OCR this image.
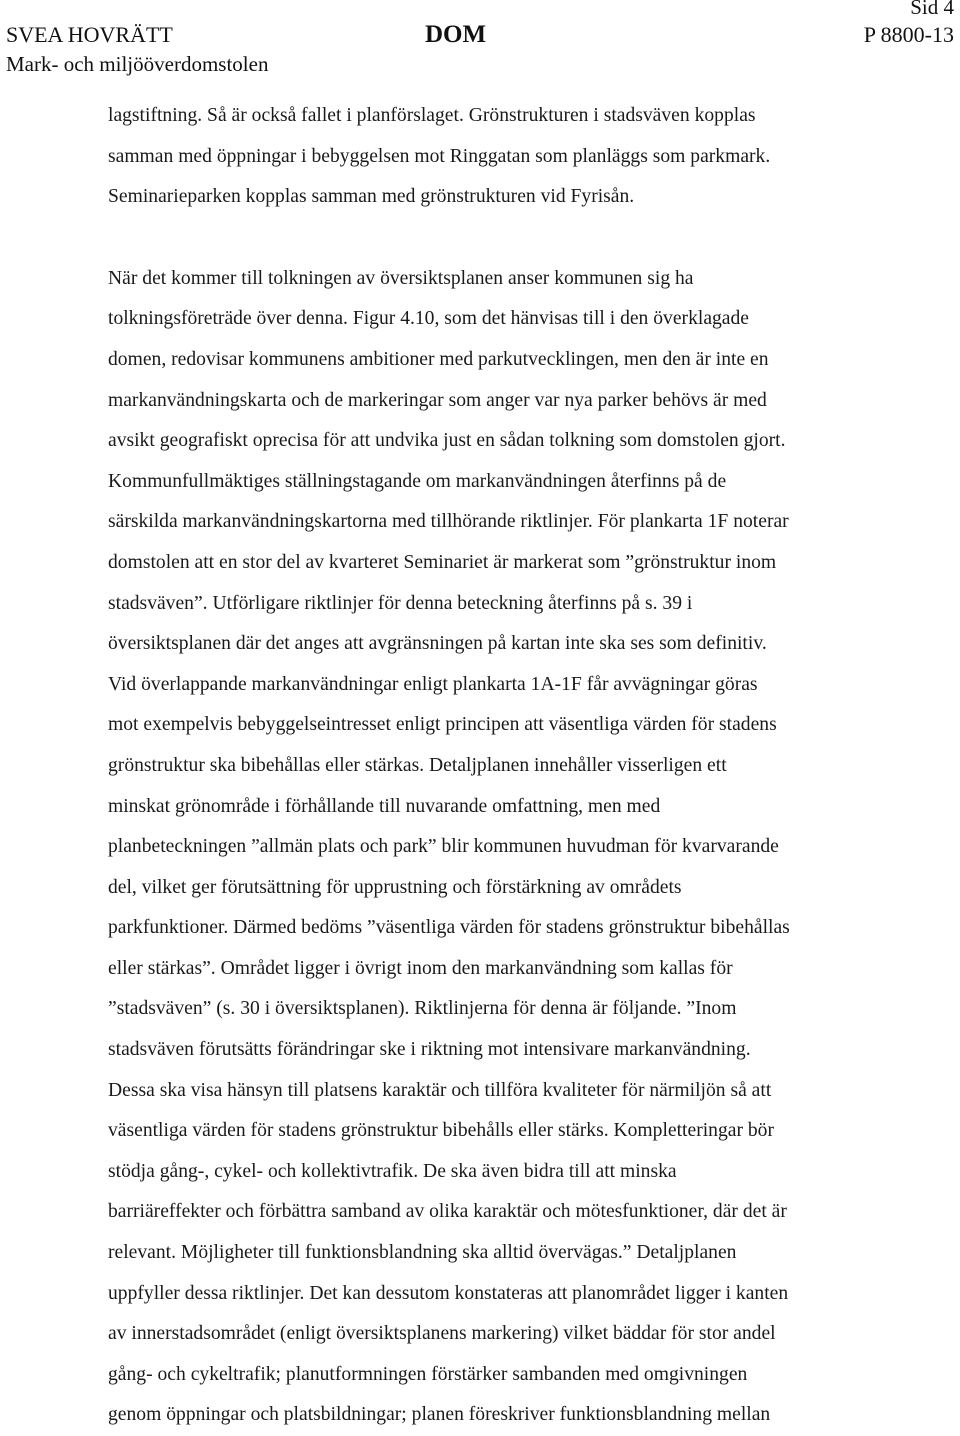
SVEA HOVRÄTT
Mark- och miljööverdomstolen
DOM
Sid 4
P 8800-13

lagstiftning. Så är också fallet i planförslaget. Grönstrukturen i stadsväven kopplas
samman med öppningar i bebyggelsen mot Ringgatan som planläggs som parkmark.
Seminarieparken kopplas samman med grönstrukturen vid Fyrisån.

När det kommer till tolkningen av översiktsplanen anser kommunen sig ha
tolkningsföreträde över denna. Figur 4.10, som det hänvisas till i den överklagade
domen, redovisar kommunens ambitioner med parkutvecklingen, men den är inte en
markanvändningskarta och de markeringar som anger var nya parker behövs är med
avsikt geografiskt oprecisa för att undvika just en sådan tolkning som domstolen gjort.
Kommunfullmäktiges ställningstagande om markanvändningen återfinns på de
särskilda markanvändningskartorna med tillhörande riktlinjer. För plankarta 1F noterar
domstolen att en stor del av kvarteret Seminariet är markerat som ”grönstruktur inom
stadsväven”. Utförligare riktlinjer för denna beteckning återfinns på s. 39 i
översiktsplanen där det anges att avgränsningen på kartan inte ska ses som definitiv.
Vid överlappande markanvändningar enligt plankarta 1A-1F får avvägningar göras
mot exempelvis bebyggelseintresset enligt principen att väsentliga värden för stadens
grönstruktur ska bibehållas eller stärkas. Detaljplanen innehåller visserligen ett
minskat grönområde i förhållande till nuvarande omfattning, men med
planbeteckningen ”allmän plats och park” blir kommunen huvudman för kvarvarande
del, vilket ger förutsättning för upprustning och förstärkning av områdets
parkfunktioner. Därmed bedöms ”väsentliga värden för stadens grönstruktur bibehållas
eller stärkas”. Området ligger i övrigt inom den markanvändning som kallas för
”stadsväven” (s. 30 i översiktsplanen). Riktlinjerna för denna är följande. ”Inom
stadsväven förutsätts förändringar ske i riktning mot intensivare markanvändning.
Dessa ska visa hänsyn till platsens karaktär och tillföra kvaliteter för närmiljön så att
väsentliga värden för stadens grönstruktur bibehålls eller stärks. Kompletteringar bör
stödja gång-, cykel- och kollektivtrafik. De ska även bidra till att minska
barriäreffekter och förbättra samband av olika karaktär och mötesfunktioner, där det är
relevant. Möjligheter till funktionsblandning ska alltid övervägas.” Detaljplanen
uppfyller dessa riktlinjer. Det kan dessutom konstateras att planområdet ligger i kanten
av innerstadsområdet (enligt översiktsplanens markering) vilket bäddar för stor andel
gång- och cykeltrafik; planutformningen förstärker sambanden med omgivningen
genom öppningar och platsbildningar; planen föreskriver funktionsblandning mellan
